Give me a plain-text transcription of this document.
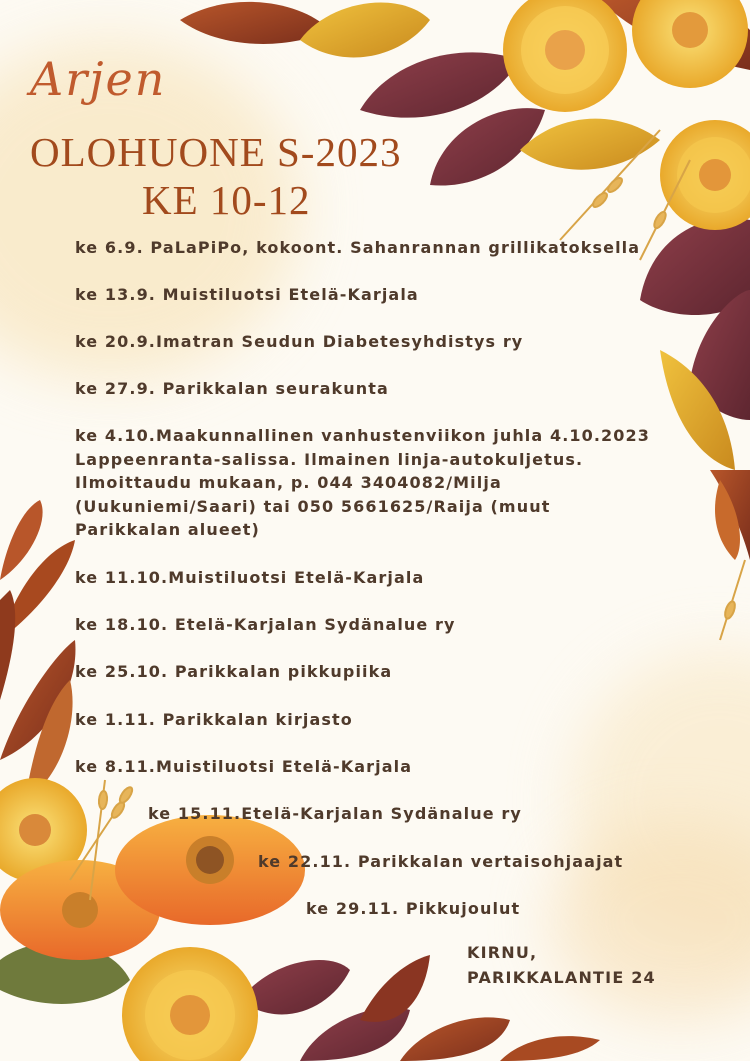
Arjen
OLOHUONE S-2023
KE 10-12

ke 6.9. PaLaPiPo, kokoont. Sahanrannan grillikatoksella

ke 13.9. Muistiluotsi Etelä-Karjala

ke 20.9.Imatran Seudun Diabetesyhdistys ry

ke 27.9. Parikkalan seurakunta

ke 4.10.Maakunnallinen vanhustenviikon juhla 4.10.2023
Lappeenranta-salissa. Ilmainen linja-autokuljetus.
Ilmoittaudu mukaan, p. 044 3404082/Milja
(Uukuniemi/Saari) tai 050 5661625/Raija (muut
Parikkalan alueet)

ke 11.10.Muistiluotsi Etelä-Karjala

ke 18.10. Etelä-Karjalan Sydänalue ry

ke 25.10. Parikkalan pikkupiika

ke 1.11. Parikkalan kirjasto

ke 8.11.Muistiluotsi Etelä-Karjala

ke 15.11.Etelä-Karjalan Sydänalue ry

ke 22.11. Parikkalan vertaisohjaajat

ke 29.11. Pikkujoulut

KIRNU,
PARIKKALANTIE 24
